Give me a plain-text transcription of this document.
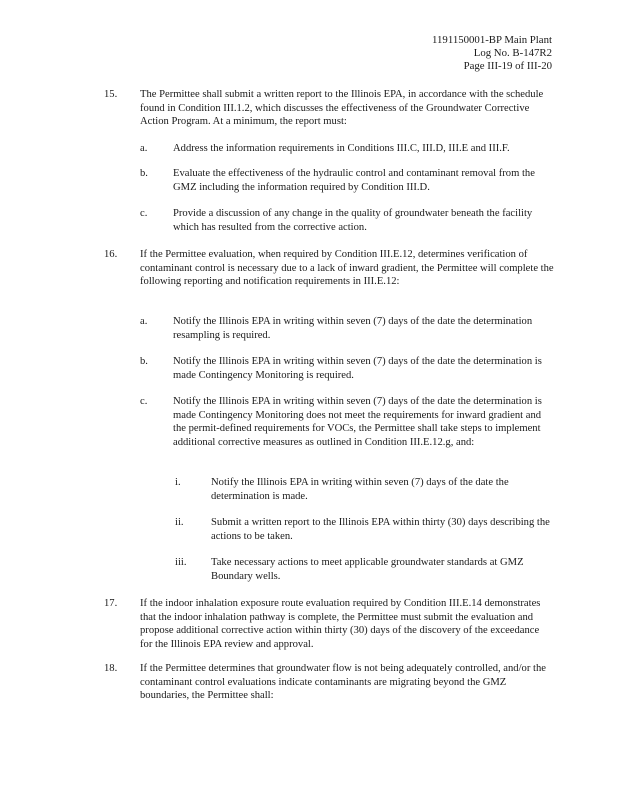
1191150001-BP Main Plant
Log No. B-147R2
Page III-19 of III-20
15. The Permittee shall submit a written report to the Illinois EPA, in accordance with the schedule found in Condition III.1.2, which discusses the effectiveness of the Groundwater Corrective Action Program. At a minimum, the report must:
a. Address the information requirements in Conditions III.C, III.D, III.E and III.F.
b. Evaluate the effectiveness of the hydraulic control and contaminant removal from the GMZ including the information required by Condition III.D.
c. Provide a discussion of any change in the quality of groundwater beneath the facility which has resulted from the corrective action.
16. If the Permittee evaluation, when required by Condition III.E.12, determines verification of contaminant control is necessary due to a lack of inward gradient, the Permittee will complete the following reporting and notification requirements in III.E.12:
a. Notify the Illinois EPA in writing within seven (7) days of the date the determination resampling is required.
b. Notify the Illinois EPA in writing within seven (7) days of the date the determination is made Contingency Monitoring is required.
c. Notify the Illinois EPA in writing within seven (7) days of the date the determination is made Contingency Monitoring does not meet the requirements for inward gradient and the permit-defined requirements for VOCs, the Permittee shall take steps to implement additional corrective measures as outlined in Condition III.E.12.g, and:
i.	Notify the Illinois EPA in writing within seven (7) days of the date the determination is made.
ii.	Submit a written report to the Illinois EPA within thirty (30) days describing the actions to be taken.
iii. Take necessary actions to meet applicable groundwater standards at GMZ Boundary wells.
17. If the indoor inhalation exposure route evaluation required by Condition III.E.14 demonstrates that the indoor inhalation pathway is complete, the Permittee must submit the evaluation and propose additional corrective action within thirty (30) days of the discovery of the exceedance for the Illinois EPA review and approval.
18. If the Permittee determines that groundwater flow is not being adequately controlled, and/or the contaminant control evaluations indicate contaminants are migrating beyond the GMZ boundaries, the Permittee shall:
